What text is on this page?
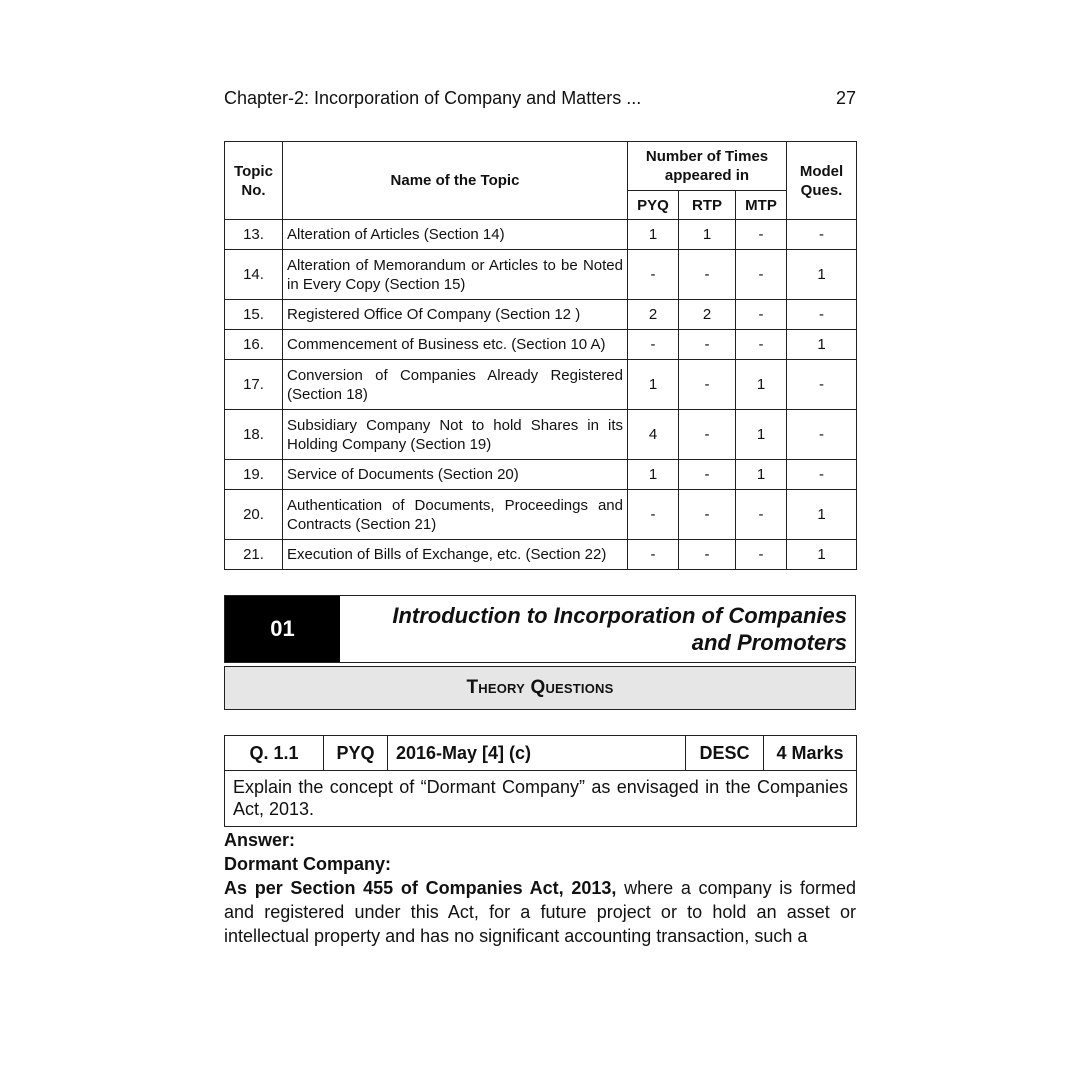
Chapter-2: Incorporation of Company and Matters ...	27
Topic No.	Name of the Topic	Number of Times appeared in			Model Ques.
		PYQ	RTP	MTP	
13.	Alteration of Articles (Section 14)	1	1	-	-
14.	Alteration of Memorandum or Articles to be Noted in Every Copy (Section 15)	-	-	-	1
15.	Registered Office Of Company (Section 12 )	2	2	-	-
16.	Commencement of Business etc. (Section 10 A)	-	-	-	1
17.	Conversion of Companies Already Registered (Section 18)	1	-	1	-
18.	Subsidiary Company Not to hold Shares in its Holding Company (Section 19)	4	-	1	-
19.	Service of Documents (Section 20)	1	-	1	-
20.	Authentication of Documents, Proceedings and Contracts (Section 21)	-	-	-	1
21.	Execution of Bills of Exchange, etc. (Section 22)	-	-	-	1
01
Introduction to Incorporation of Companies
and Promoters
Theory Questions
Q. 1.1	PYQ	2016-May [4] (c)	DESC	4 Marks
Explain the concept of “Dormant Company” as envisaged in the Companies Act, 2013.
Answer:
Dormant Company:
As per Section 455 of Companies Act, 2013, where a company is formed and registered under this Act, for a future project or to hold an asset or intellectual property and has no significant accounting transaction, such a
